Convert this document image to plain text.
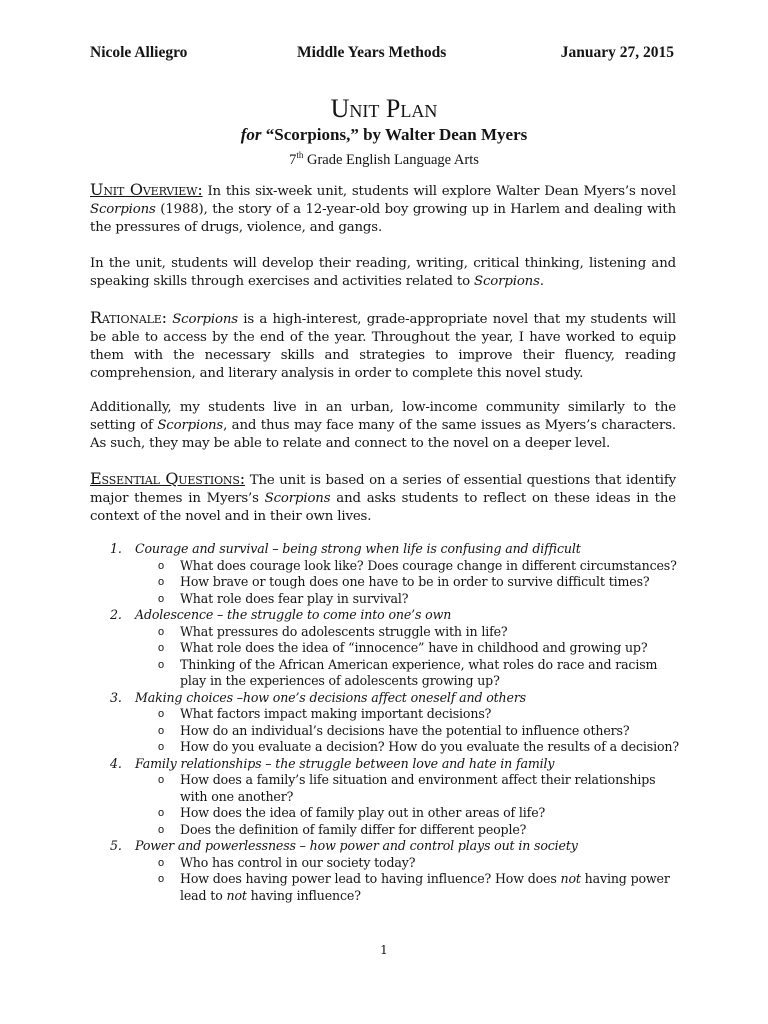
Nicole Alliegro	Middle Years Methods	January 27, 2015
Unit Plan
for “Scorpions,” by Walter Dean Myers
7th Grade English Language Arts
Unit Overview: In this six-week unit, students will explore Walter Dean Myers’s novel Scorpions (1988), the story of a 12-year-old boy growing up in Harlem and dealing with the pressures of drugs, violence, and gangs.
In the unit, students will develop their reading, writing, critical thinking, listening and speaking skills through exercises and activities related to Scorpions.
Rationale: Scorpions is a high-interest, grade-appropriate novel that my students will be able to access by the end of the year. Throughout the year, I have worked to equip them with the necessary skills and strategies to improve their fluency, reading comprehension, and literary analysis in order to complete this novel study.
Additionally, my students live in an urban, low-income community similarly to the setting of Scorpions, and thus may face many of the same issues as Myers’s characters. As such, they may be able to relate and connect to the novel on a deeper level.
Essential Questions: The unit is based on a series of essential questions that identify major themes in Myers’s Scorpions and asks students to reflect on these ideas in the context of the novel and in their own lives.
1. Courage and survival – being strong when life is confusing and difficult
o What does courage look like? Does courage change in different circumstances?
o How brave or tough does one have to be in order to survive difficult times?
o What role does fear play in survival?
2. Adolescence – the struggle to come into one’s own
o What pressures do adolescents struggle with in life?
o What role does the idea of “innocence” have in childhood and growing up?
o Thinking of the African American experience, what roles do race and racism play in the experiences of adolescents growing up?
3. Making choices –how one’s decisions affect oneself and others
o What factors impact making important decisions?
o How do an individual’s decisions have the potential to influence others?
o How do you evaluate a decision? How do you evaluate the results of a decision?
4. Family relationships – the struggle between love and hate in family
o How does a family’s life situation and environment affect their relationships with one another?
o How does the idea of family play out in other areas of life?
o Does the definition of family differ for different people?
5. Power and powerlessness – how power and control plays out in society
o Who has control in our society today?
o How does having power lead to having influence? How does not having power lead to not having influence?
1
